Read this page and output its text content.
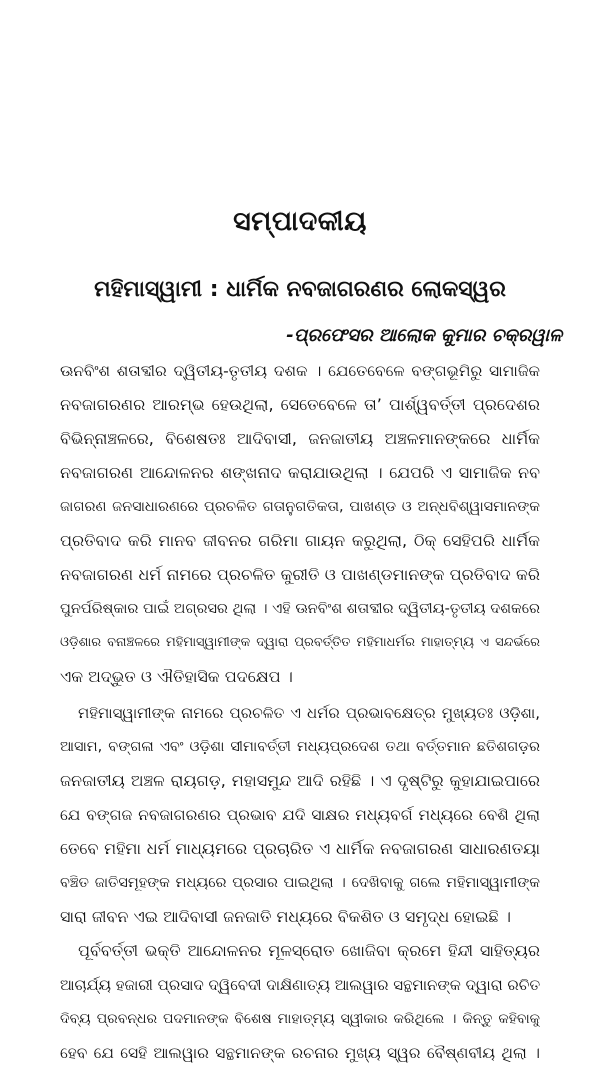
ସମ୍ପାଦକୀୟ
ମହିମାସ୍ୱାମୀ : ଧାର୍ମିକ ନବଜାଗରଣର ଲୋକସ୍ୱର
-ପ୍ରଫେସର ଆଲୋକ କୁମାର ଚକ୍ରୱାଳ
ଊନବିଂଶ ଶତାବ୍ଦୀର ଦ୍ୱିତୀୟ-ତୃତୀୟ ଦଶକ । ଯେତେବେଳେ ବଙ୍ଗଭୂମିରୁ ସାମାଜିକ
ନବଜାଗରଣର ଆରମ୍ଭ ହେଉଥିଲା, ସେତେବେଳେ ତା’ ପାର୍ଶ୍ୱବର୍ତ୍ତୀ ପ୍ରଦେଶର
ବିଭିନ୍ନାଞ୍ଚଳରେ, ବିଶେଷତଃ ଆଦିବାସୀ, ଜନଜାତୀୟ ଅଞ୍ଚଳମାନଙ୍କରେ ଧାର୍ମିକ
ନବଜାଗରଣ ଆନ୍ଦୋଳନର ଶଙ୍ଖନାଦ କରାଯାଉଥିଲା । ଯେପରି ଏ ସାମାଜିକ ନବ
ଜାଗରଣ ଜନସାଧାରଣରେ ପ୍ରଚଳିତ ଗତାନୁଗତିକତା, ପାଖଣ୍ଡ ଓ ଅନ୍ଧବିଶ୍ୱାସମାନଙ୍କ
ପ୍ରତିବାଦ କରି ମାନବ ଜୀବନର ଗରିମା ଗାୟନ କରୁଥିଲା, ଠିକ୍ ସେହିପରି ଧାର୍ମିକ
ନବଜାଗରଣ ଧର୍ମ ନାମରେ ପ୍ରଚଳିତ କୁରୀତି ଓ ପାଖଣ୍ଡମାନଙ୍କ ପ୍ରତିବାଦ କରି
ପୁନର୍ପରିଷ୍କାର ପାଇଁ ଅଗ୍ରସର ଥିଲା । ଏହି ଊନବିଂଶ ଶତାବ୍ଦୀର ଦ୍ୱିତୀୟ-ତୃତୀୟ ଦଶକରେ
ଓଡ଼ିଶାର ବନାଞ୍ଚଳରେ ମହିମାସ୍ୱାମୀଙ୍କ ଦ୍ୱାରା ପ୍ରବର୍ତ୍ତିତ ମହିମାଧର୍ମର ମାହାତ୍ମ୍ୟ ଏ ସନ୍ଦର୍ଭରେ
ଏକ ଅଦ୍ଭୁତ ଓ ଐତିହାସିକ ପଦକ୍ଷେପ ।
ମହିମାସ୍ୱାମୀଙ୍କ ନାମରେ ପ୍ରଚଳିତ ଏ ଧର୍ମର ପ୍ରଭାବକ୍ଷେତ୍ର ମୁଖ୍ୟତଃ ଓଡ଼ିଶା,
ଆସାମ, ବଙ୍ଗଳା ଏବଂ ଓଡ଼ିଶା ସୀମାବର୍ତ୍ତୀ ମଧ୍ୟପ୍ରଦେଶ ତଥା ବର୍ତ୍ତମାନ ଛତିଶଗଡ଼ର
ଜନଜାତୀୟ ଅଞ୍ଚଳ ରାୟଗଡ଼, ମହାସମୁନ୍ଦ ଆଦି ରହିଛି । ଏ ଦୃଷ୍ଟିରୁ କୁହାଯାଇପାରେ
ଯେ ବଙ୍ଗଜ ନବଜାଗରଣର ପ୍ରଭାବ ଯଦି ସାକ୍ଷର ମଧ୍ୟବର୍ଗ ମଧ୍ୟରେ ବେଶି ଥିଲା
ତେବେ ମହିମା ଧର୍ମ ମାଧ୍ୟମରେ ପ୍ରଚାରିତ ଏ ଧାର୍ମିକ ନବଜାଗରଣ ସାଧାରଣତୟା
ବଞ୍ଚିତ ଜାତିସମୂହଙ୍କ ମଧ୍ୟରେ ପ୍ରସାର ପାଇଥିଲା । ଦେଖିବାକୁ ଗଲେ ମହିମାସ୍ୱାମୀଙ୍କ
ସାରା ଜୀବନ ଏଇ ଆଦିବାସୀ ଜନଜାତି ମଧ୍ୟରେ ବିକଶିତ ଓ ସମୃଦ୍ଧ ହୋଇଛି ।
ପୂର୍ବବର୍ତ୍ତୀ ଭକ୍ତି ଆନ୍ଦୋଳନର ମୂଳସ୍ରୋତ ଖୋଜିବା କ୍ରମେ ହିନ୍ଦୀ ସାହିତ୍ୟର
ଆଚାର୍ଯ୍ୟ ହଜାରୀ ପ୍ରସାଦ ଦ୍ୱିବେଦୀ ଦାକ୍ଷିଣାତ୍ୟ ଆଲୱାର ସନ୍ଥମାନଙ୍କ ଦ୍ୱାରା ରଚିତ
ଦିବ୍ୟ ପ୍ରବନ୍ଧର ପଦମାନଙ୍କ ବିଶେଷ ମାହାତ୍ମ୍ୟ ସ୍ୱୀକାର କରିଥିଲେ । କିନ୍ତୁ କହିବାକୁ
ହେବ ଯେ ସେହି ଆଲୱାର ସନ୍ଥମାନଙ୍କ ରଚନାର ମୁଖ୍ୟ ସ୍ୱର ବୈଷ୍ଣବୀୟ ଥିଲା ।
